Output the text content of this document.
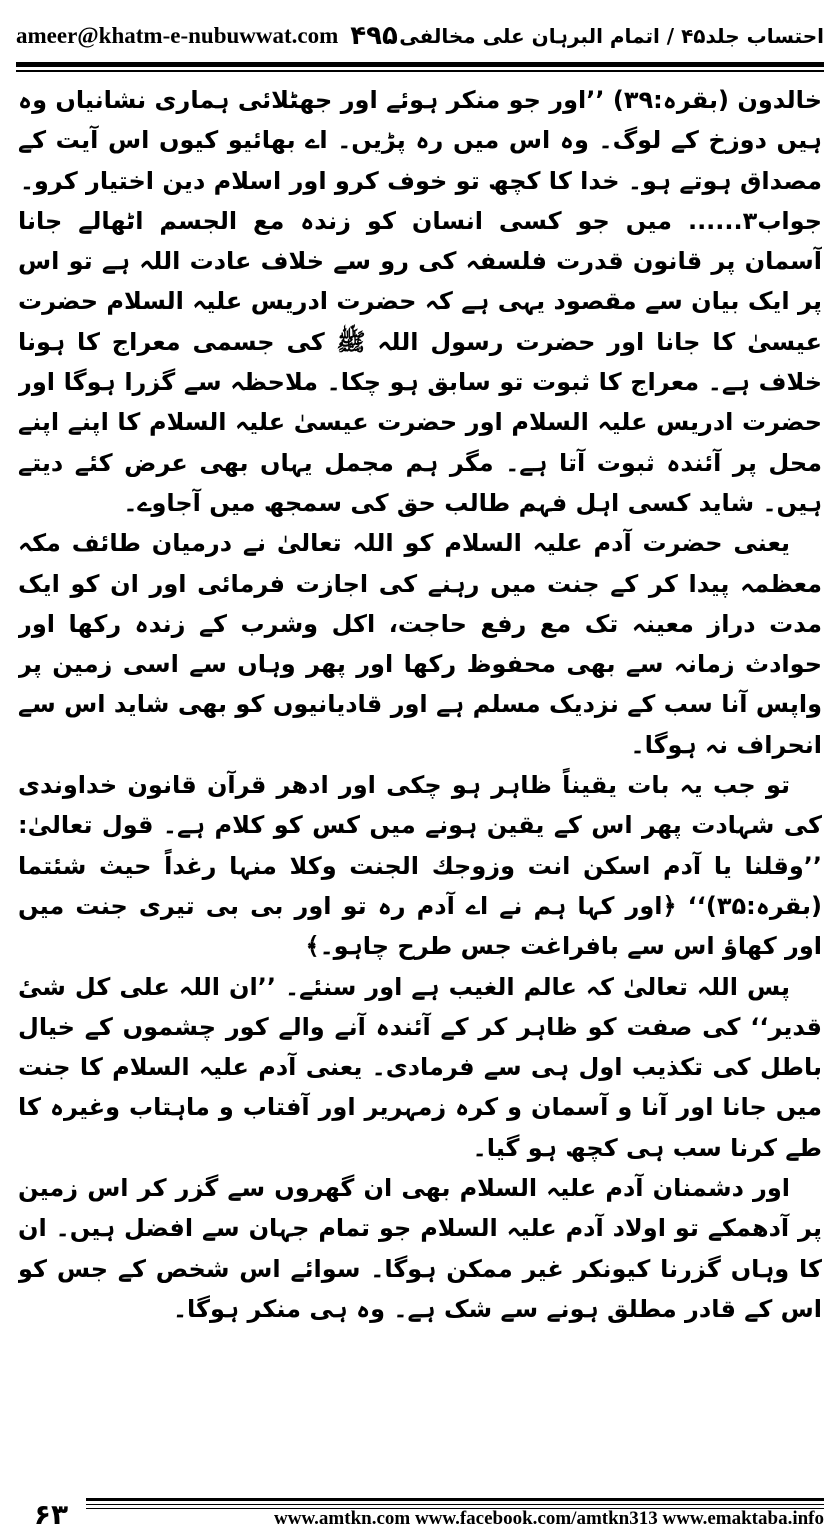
ameer@khatm-e-nubuwwat.com ۴۹۵ احتساب جلد۴۵ / اتمام البرہان علی مخالفی

خالدون (بقرہ:۳۹) ’’اور جو منکر ہوئے اور جھٹلائی ہماری نشانیاں وہ ہیں دوزخ کے لوگ۔ وہ اس میں رہ پڑیں۔ اے بھائیو کیوں اس آیت کے مصداق ہوتے ہو۔ خدا کا کچھ تو خوف کرو اور اسلام دین اختیار کرو۔

جواب۳...... میں جو کسی انسان کو زندہ مع الجسم اٹھالے جانا آسمان پر قانون قدرت فلسفہ کی رو سے خلاف عادت اللہ ہے تو اس پر ایک بیان سے مقصود یہی ہے کہ حضرت ادریس علیہ السلام حضرت عیسیٰ کا جانا اور حضرت رسول اللہ ﷺ کی جسمی معراج کا ہونا خلاف ہے۔ معراج کا ثبوت تو سابق ہو چکا۔ ملاحظہ سے گزرا ہوگا اور حضرت ادریس علیہ السلام اور حضرت عیسیٰ علیہ السلام کا اپنے اپنے محل پر آئندہ ثبوت آتا ہے۔ مگر ہم مجمل یہاں بھی عرض کئے دیتے ہیں۔ شاید کسی اہل فہم طالب حق کی سمجھ میں آجاوے۔

یعنی حضرت آدم علیہ السلام کو اللہ تعالیٰ نے درمیان طائف مکہ معظمہ پیدا کر کے جنت میں رہنے کی اجازت فرمائی اور ان کو ایک مدت دراز معینہ تک مع رفع حاجت، اکل وشرب کے زندہ رکھا اور حوادث زمانہ سے بھی محفوظ رکھا اور پھر وہاں سے اسی زمین پر واپس آنا سب کے نزدیک مسلم ہے اور قادیانیوں کو بھی شاید اس سے انحراف نہ ہوگا۔

تو جب یہ بات یقیناً ظاہر ہو چکی اور ادھر قرآن قانون خداوندی کی شہادت پھر اس کے یقین ہونے میں کس کو کلام ہے۔ قول تعالیٰ: ’’وقلنا یا آدم اسکن انت وزوجك الجنت وکلا منہا رغداً حیث شئتما (بقرہ:۳۵)‘‘ ﴿اور کہا ہم نے اے آدم رہ تو اور بی بی تیری جنت میں اور کھاؤ اس سے بافراغت جس طرح چاہو۔﴾

پس اللہ تعالیٰ کہ عالم الغیب ہے اور سنئے۔ ’’ان اللہ علی کل شیٔ قدیر‘‘ کی صفت کو ظاہر کر کے آئندہ آنے والے کور چشموں کے خیال باطل کی تکذیب اول ہی سے فرمادی۔ یعنی آدم علیہ السلام کا جنت میں جانا اور آنا و آسمان و کرہ زمہریر اور آفتاب و ماہتاب وغیرہ کا طے کرنا سب ہی کچھ ہو گیا۔

اور دشمنان آدم علیہ السلام بھی ان گھروں سے گزر کر اس زمین پر آدھمکے تو اولاد آدم علیہ السلام جو تمام جہان سے افضل ہیں۔ ان کا وہاں گزرنا کیونکر غیر ممکن ہوگا۔ سوائے اس شخص کے جس کو اس کے قادر مطلق ہونے سے شک ہے۔ وہ ہی منکر ہوگا۔

۶۳	www.amtkn.com www.facebook.com/amtkn313 www.emaktaba.info
